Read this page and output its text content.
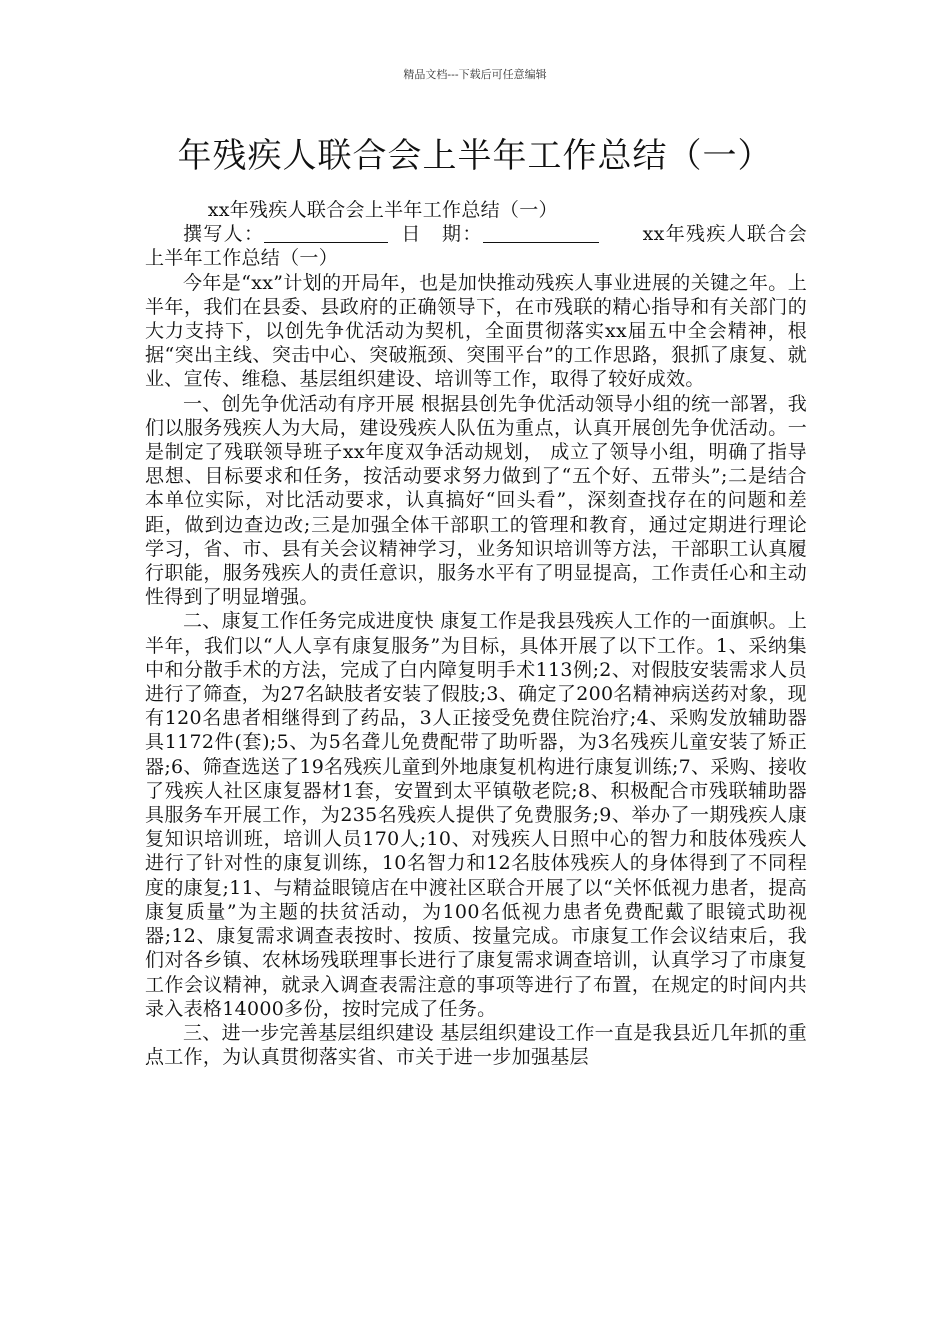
精品文档---下载后可任意编辑
年残疾人联合会上半年工作总结（一）

xx年残疾人联合会上半年工作总结（一）

撰写人：	日　期：	xx年残疾人联合会上半年工作总结（一）

今年是“xx”计划的开局年，也是加快推动残疾人事业进展的关键之年。上半年，我们在县委、县政府的正确领导下，在市残联的精心指导和有关部门的大力支持下，以创先争优活动为契机，全面贯彻落实xx届五中全会精神，根据“突出主线、突击中心、突破瓶颈、突围平台”的工作思路，狠抓了康复、就业、宣传、维稳、基层组织建设、培训等工作，取得了较好成效。

一、创先争优活动有序开展 根据县创先争优活动领导小组的统一部署，我们以服务残疾人为大局，建设残疾人队伍为重点，认真开展创先争优活动。一是制定了残联领导班子xx年度双争活动规划， 成立了领导小组，明确了指导思想、目标要求和任务，按活动要求努力做到了“五个好、五带头”;二是结合本单位实际，对比活动要求，认真搞好“回头看”，深刻查找存在的问题和差距，做到边查边改;三是加强全体干部职工的管理和教育，通过定期进行理论学习，省、市、县有关会议精神学习，业务知识培训等方法，干部职工认真履行职能，服务残疾人的责任意识，服务水平有了明显提高，工作责任心和主动性得到了明显增强。

二、康复工作任务完成进度快 康复工作是我县残疾人工作的一面旗帜。上半年，我们以“人人享有康复服务”为目标，具体开展了以下工作。1、采纳集中和分散手术的方法，完成了白内障复明手术113例;2、对假肢安装需求人员进行了筛查，为27名缺肢者安装了假肢;3、确定了200名精神病送药对象，现有120名患者相继得到了药品，3人正接受免费住院治疗;4、采购发放辅助器具1172件(套);5、为5名聋儿免费配带了助听器，为3名残疾儿童安装了矫正器;6、筛查选送了19名残疾儿童到外地康复机构进行康复训练;7、采购、接收了残疾人社区康复器材1套，安置到太平镇敬老院;8、积极配合市残联辅助器具服务车开展工作，为235名残疾人提供了免费服务;9、举办了一期残疾人康复知识培训班，培训人员170人;10、对残疾人日照中心的智力和肢体残疾人进行了针对性的康复训练，10名智力和12名肢体残疾人的身体得到了不同程度的康复;11、与精益眼镜店在中渡社区联合开展了以“关怀低视力患者，提高康复质量”为主题的扶贫活动，为100名低视力患者免费配戴了眼镜式助视器;12、康复需求调查表按时、按质、按量完成。市康复工作会议结束后，我们对各乡镇、农林场残联理事长进行了康复需求调查培训，认真学习了市康复工作会议精神，就录入调查表需注意的事项等进行了布置，在规定的时间内共录入表格14000多份，按时完成了任务。

三、进一步完善基层组织建设 基层组织建设工作一直是我县近几年抓的重点工作，为认真贯彻落实省、市关于进一步加强基层
